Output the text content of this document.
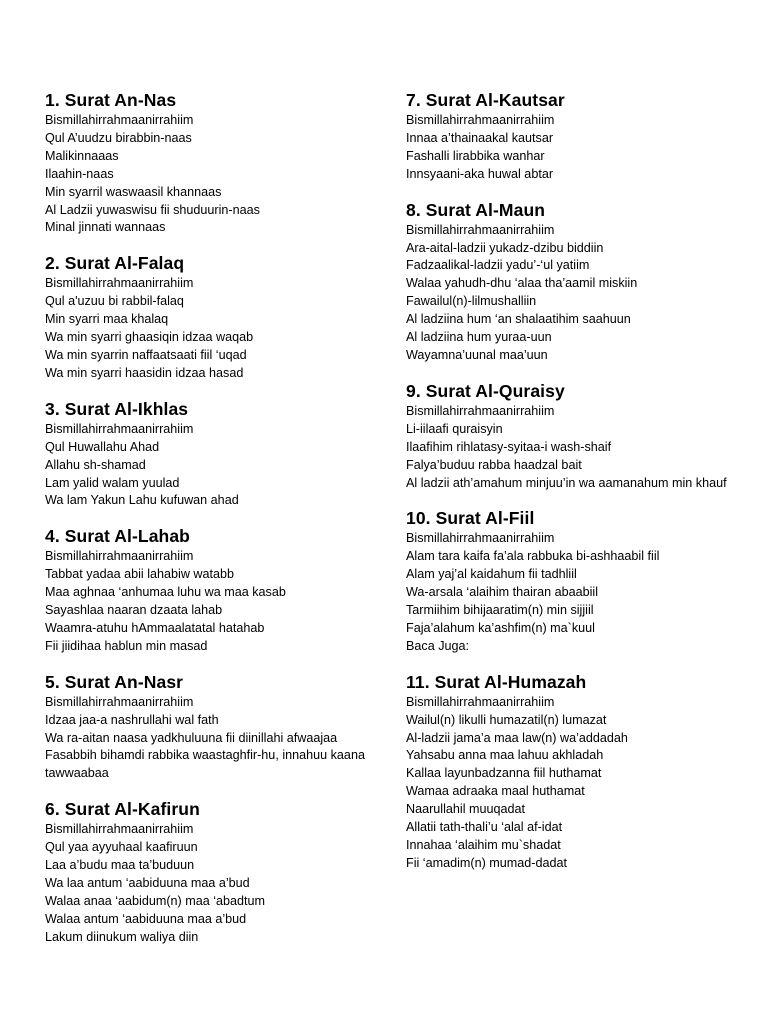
1. Surat An-Nas
Bismillahirrahmaanirrahiim
Qul A’uudzu birabbin-naas
Malikinnaaas
Ilaahin-naas
Min syarril waswaasil khannaas
Al Ladzii yuwaswisu fii shuduurin-naas
Minal jinnati wannaas
2. Surat Al-Falaq
Bismillahirrahmaanirrahiim
Qul a'uzuu bi rabbil-falaq
Min syarri maa khalaq
Wa min syarri ghaasiqin idzaa waqab
Wa min syarrin naffaatsaati fiil ‘uqad
Wa min syarri haasidin idzaa hasad
3. Surat Al-Ikhlas
Bismillahirrahmaanirrahiim
Qul Huwallahu Ahad
Allahu sh-shamad
Lam yalid walam yuulad
Wa lam Yakun Lahu kufuwan ahad
4. Surat Al-Lahab
Bismillahirrahmaanirrahiim
Tabbat yadaa abii lahabiw watabb
Maa aghnaa ‘anhumaa luhu wa maa kasab
Sayashlaa naaran dzaata lahab
Waamra-atuhu hAmmaalatatal hatahab
Fii jiidihaa hablun min masad
5. Surat An-Nasr
Bismillahirrahmaanirrahiim
Idzaa jaa-a nashrullahi wal fath
Wa ra-aitan naasa yadkhuluuna fii diinillahi afwaajaa
Fasabbih bihamdi rabbika waastaghfir-hu, innahuu kaana tawwaabaa
6. Surat Al-Kafirun
Bismillahirrahmaanirrahiim
Qul yaa ayyuhaal kaafiruun
Laa a’budu maa ta’buduun
Wa laa antum ‘aabiduuna maa a’bud
Walaa anaa ‘aabidum(n) maa ‘abadtum
Walaa antum ‘aabiduuna maa a’bud
Lakum diinukum waliya diin
7. Surat Al-Kautsar
Bismillahirrahmaanirrahiim
Innaa a’thainaakal kautsar
Fashalli lirabbika wanhar
Innsyaani-aka huwal abtar
8. Surat Al-Maun
Bismillahirrahmaanirrahiim
Ara-aital-ladzii yukadz-dzibu biddiin
Fadzaalikal-ladzii yadu’-‘ul yatiim
Walaa yahudh-dhu ‘alaa tha’aamil miskiin
Fawailul(n)-lilmushalliin
Al ladziina hum ‘an shalaatihim saahuun
Al ladziina hum yuraa-uun
Wayamna’uunal maa’uun
9. Surat Al-Quraisy
Bismillahirrahmaanirrahiim
Li-iilaafi quraisyin
Ilaafihim rihlatasy-syitaa-i wash-shaif
Falya’buduu rabba haadzal bait
Al ladzii ath’amahum minjuu’in wa aamanahum min khauf
10. Surat Al-Fiil
Bismillahirrahmaanirrahiim
Alam tara kaifa fa’ala rabbuka bi-ashhaabil fiil
Alam yaj’al kaidahum fii tadhliil
Wa-arsala ‘alaihim thairan abaabiil
Tarmiihim bihijaaratim(n) min sijjiil
Faja’alahum ka’ashfim(n) ma`kuul
Baca Juga:
11. Surat Al-Humazah
Bismillahirrahmaanirrahiim
Wailul(n) likulli humazatil(n) lumazat
Al-ladzii jama’a maa law(n) wa’addadah
Yahsabu anna maa lahuu akhladah
Kallaa layunbadzanna fiil huthamat
Wamaa adraaka maal huthamat
Naarullahil muuqadat
Allatii tath-thali’u ‘alal af-idat
Innahaa ‘alaihim mu`shadat
Fii ‘amadim(n) mumad-dadat
